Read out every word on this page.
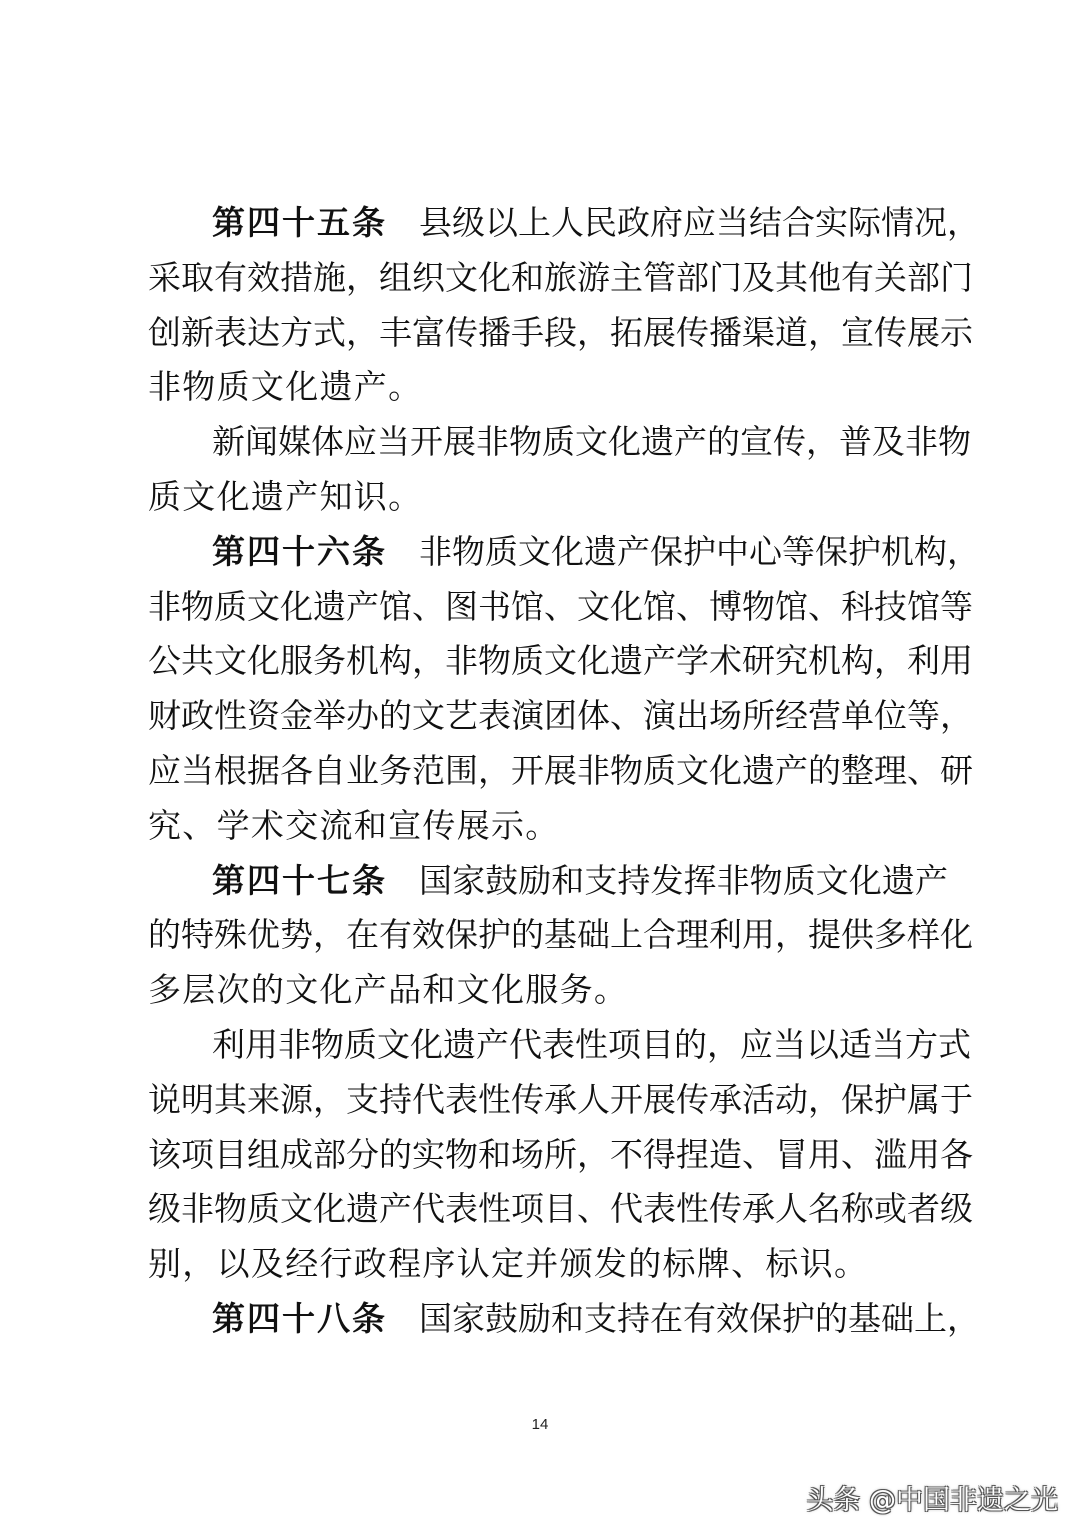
第四十五条 县级以上人民政府应当结合实际情况，
采取有效措施，组织文化和旅游主管部门及其他有关部门
创新表达方式，丰富传播手段，拓展传播渠道，宣传展示
非物质文化遗产。
新闻媒体应当开展非物质文化遗产的宣传，普及非物
质文化遗产知识。
第四十六条 非物质文化遗产保护中心等保护机构，
非物质文化遗产馆、图书馆、文化馆、博物馆、科技馆等
公共文化服务机构，非物质文化遗产学术研究机构，利用
财政性资金举办的文艺表演团体、演出场所经营单位等，
应当根据各自业务范围，开展非物质文化遗产的整理、研
究、学术交流和宣传展示。
第四十七条 国家鼓励和支持发挥非物质文化遗产
的特殊优势，在有效保护的基础上合理利用，提供多样化
多层次的文化产品和文化服务。
利用非物质文化遗产代表性项目的，应当以适当方式
说明其来源，支持代表性传承人开展传承活动，保护属于
该项目组成部分的实物和场所，不得捏造、冒用、滥用各
级非物质文化遗产代表性项目、代表性传承人名称或者级
别，以及经行政程序认定并颁发的标牌、标识。
第四十八条 国家鼓励和支持在有效保护的基础上，
14
头条 @中国非遗之光
